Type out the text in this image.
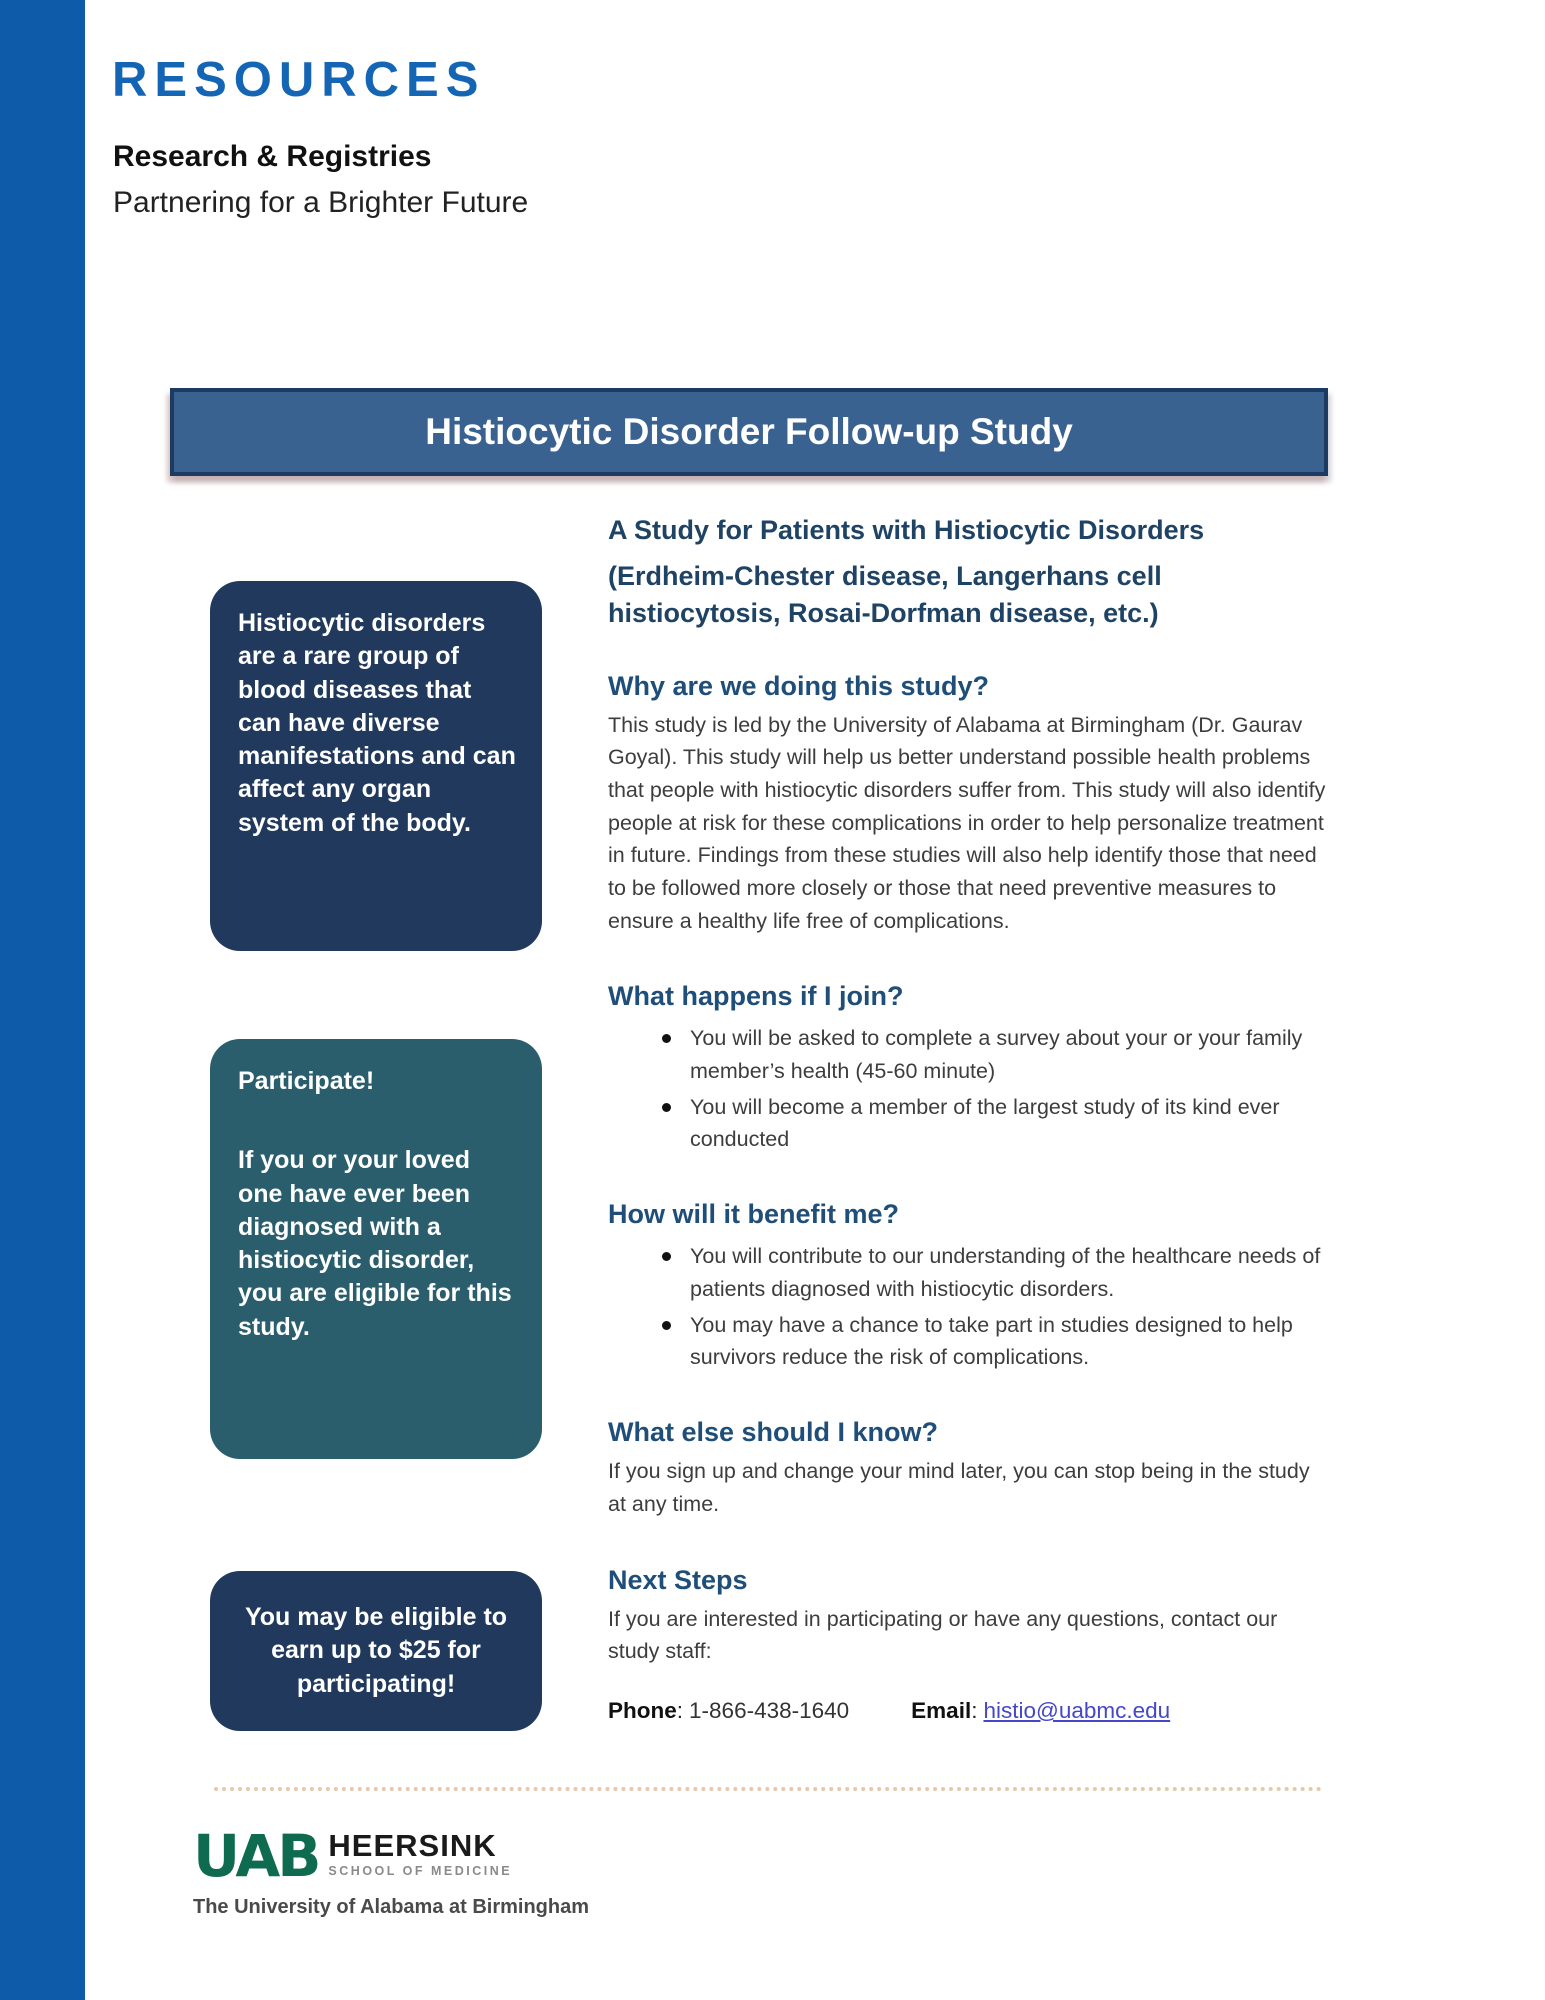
RESOURCES
Research & Registries
Partnering for a Brighter Future
Histiocytic Disorder Follow-up Study
Histiocytic disorders are a rare group of blood diseases that can have diverse manifestations and can affect any organ system of the body.
Participate!
If you or your loved one have ever been diagnosed with a histiocytic disorder, you are eligible for this study.
You may be eligible to earn up to $25 for participating!
A Study for Patients with Histiocytic Disorders
(Erdheim-Chester disease, Langerhans cell histiocytosis, Rosai-Dorfman disease, etc.)
Why are we doing this study?
This study is led by the University of Alabama at Birmingham (Dr. Gaurav Goyal). This study will help us better understand possible health problems that people with histiocytic disorders suffer from. This study will also identify people at risk for these complications in order to help personalize treatment in future. Findings from these studies will also help identify those that need to be followed more closely or those that need preventive measures to ensure a healthy life free of complications.
What happens if I join?
You will be asked to complete a survey about your or your family member’s health (45-60 minute)
You will become a member of the largest study of its kind ever conducted
How will it benefit me?
You will contribute to our understanding of the healthcare needs of patients diagnosed with histiocytic disorders.
You may have a chance to take part in studies designed to help survivors reduce the risk of complications.
What else should I know?
If you sign up and change your mind later, you can stop being in the study at any time.
Next Steps
If you are interested in participating or have any questions, contact our study staff:
Phone : 1-866-438-1640	Email: histio@uabmc.edu
UAB HEERSINK
SCHOOL OF MEDICINE
The University of Alabama at Birmingham
